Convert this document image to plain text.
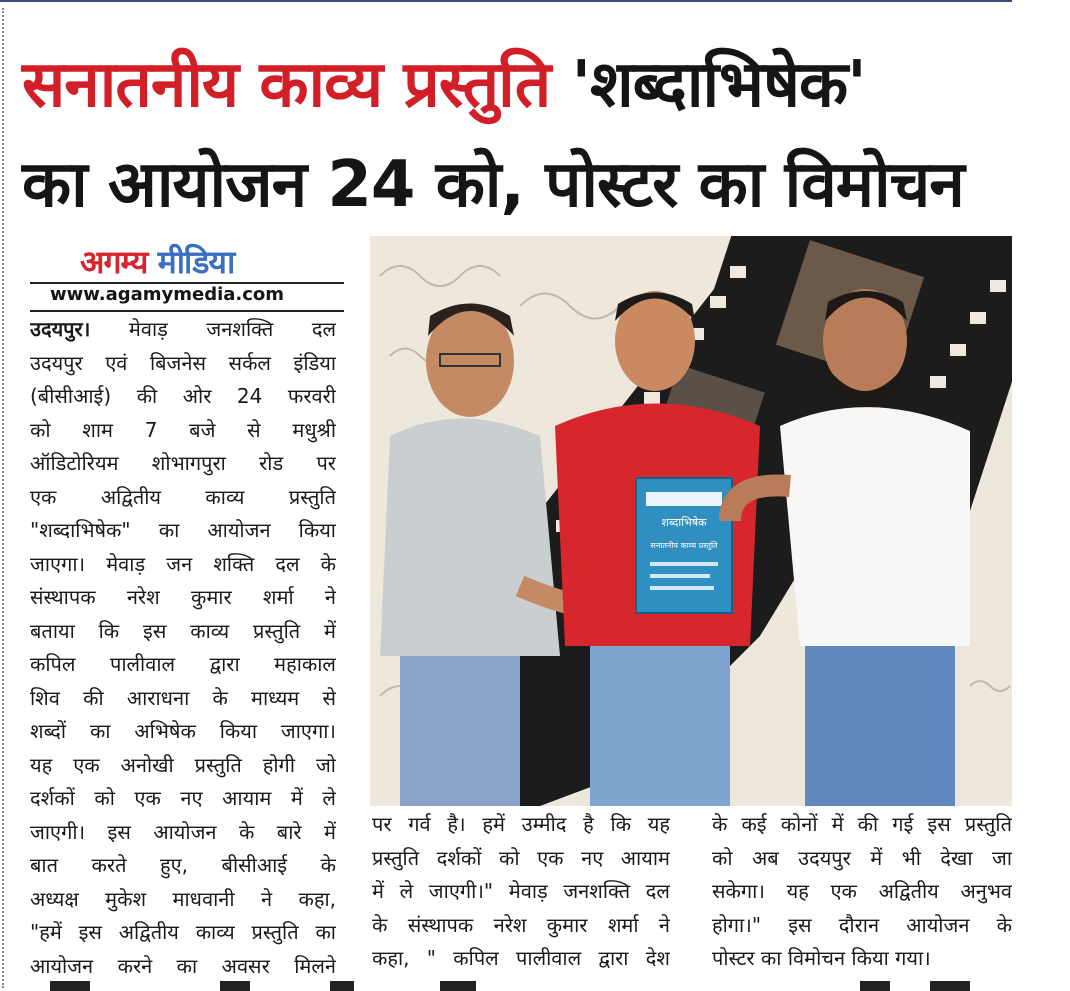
सनातनीय काव्य प्रस्तुति 'शब्दाभिषेक'
का आयोजन 24 को, पोस्टर का विमोचन
अगम्य मीडिया
www.agamymedia.com

उदयपुर। मेवाड़ जनशक्ति दल

उदयपुर एवं बिजनेस सर्कल इंडिया

(बीसीआई) की ओर 24 फरवरी

को शाम 7 बजे से मधुश्री

ऑडिटोरियम शोभागपुरा रोड पर

एक अद्वितीय काव्य प्रस्तुति

"शब्दाभिषेक" का आयोजन किया

जाएगा। मेवाड़ जन शक्ति दल के

संस्थापक नरेश कुमार शर्मा ने

बताया कि इस काव्य प्रस्तुति में

कपिल पालीवाल द्वारा महाकाल

शिव की आराधना के माध्यम से

शब्दों का अभिषेक किया जाएगा।

यह एक अनोखी प्रस्तुति होगी जो

दर्शकों को एक नए आयाम में ले

जाएगी। इस आयोजन के बारे में

बात करते हुए, बीसीआई के

अध्यक्ष मुकेश माधवानी ने कहा,

"हमें इस अद्वितीय काव्य प्रस्तुति का

आयोजन करने का अवसर मिलने

शब्दाभिषेक
सनातनीय काव्य प्रस्तुति

पर गर्व है। हमें उम्मीद है कि यह

प्रस्तुति दर्शकों को एक नए आयाम

में ले जाएगी।" मेवाड़ जनशक्ति दल

के संस्थापक नरेश कुमार शर्मा ने

कहा, " कपिल पालीवाल द्वारा देश

के कई कोनों में की गई इस प्रस्तुति

को अब उदयपुर में भी देखा जा

सकेगा। यह एक अद्वितीय अनुभव

होगा।" इस दौरान आयोजन के

पोस्टर का विमोचन किया गया।
